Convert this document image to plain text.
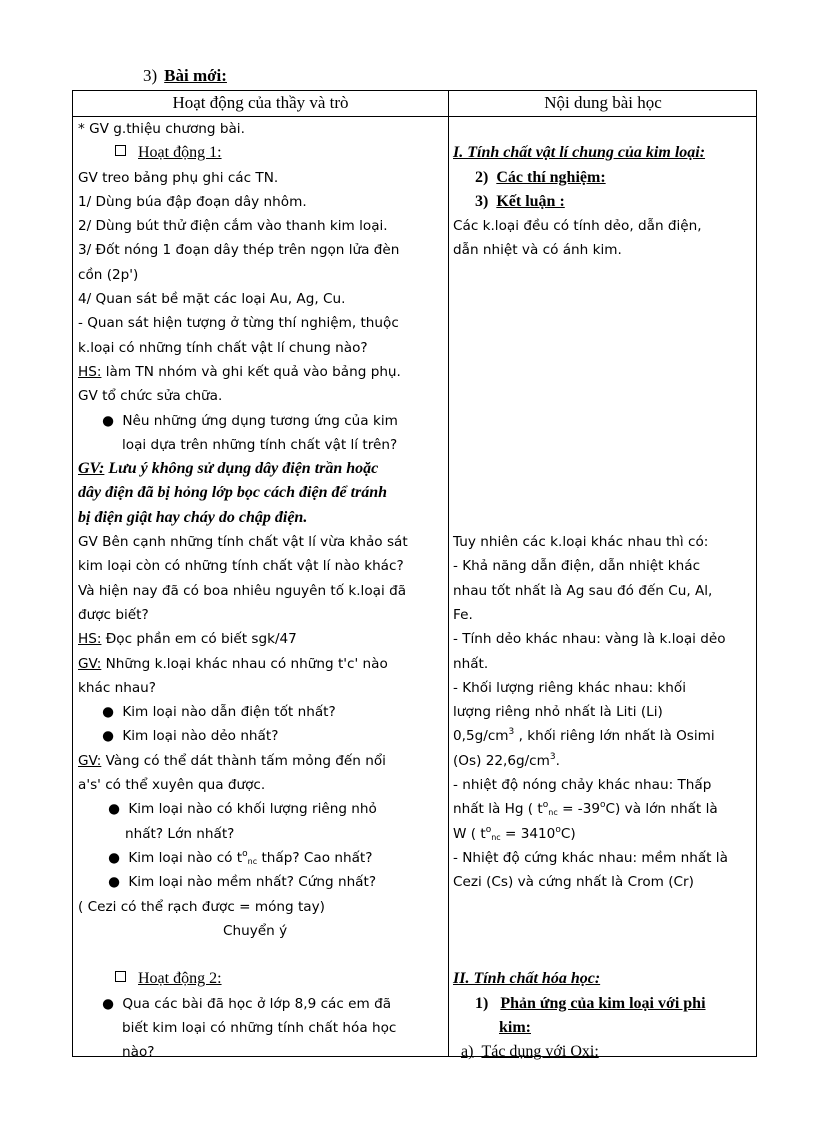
3) Bài mới:
Hoạt động của thầy và trò	Nội dung bài học
* GV g.thiệu chương bài.
Hoạt động 1:
GV treo bảng phụ ghi các TN.
1/ Dùng búa đập đoạn dây nhôm.
2/ Dùng bút thử điện cắm vào thanh kim loại.
3/ Đốt nóng 1 đoạn dây thép trên ngọn lửa đèn
cồn (2p')
4/ Quan sát bề mặt các loại Au, Ag, Cu.
- Quan sát hiện tượng ở từng thí nghiệm, thuộc
k.loại có những tính chất vật lí chung nào?
HS: làm TN nhóm và ghi kết quả vào bảng phụ.
GV tổ chức sửa chữa.
● Nêu những ứng dụng tương ứng của kim
loại dựa trên những tính chất vật lí trên?
GV: Lưu ý không sử dụng dây điện trần hoặc
dây điện đã bị hỏng lớp bọc cách điện để tránh
bị điện giật hay cháy do chập điện.
GV Bên cạnh những tính chất vật lí vừa khảo sát
kim loại còn có những tính chất vật lí nào khác?
Và hiện nay đã có boa nhiêu nguyên tố k.loại đã
được biết?
HS: Đọc phần em có biết sgk/47
GV: Những k.loại khác nhau có những t'c' nào
khác nhau?
● Kim loại nào dẫn điện tốt nhất?
● Kim loại nào dẻo nhất?
GV: Vàng có thể dát thành tấm mỏng đến nổi
a's' có thể xuyên qua được.
● Kim loại nào có khối lượng riêng nhỏ
nhất? Lớn nhất?
● Kim loại nào có $t^o_{nc}$ thấp? Cao nhất?
● Kim loại nào mềm nhất? Cứng nhất?
( Cezi có thể rạch được = móng tay)
Chuyển ý
Hoạt động 2:
● Qua các bài đã học ở lớp 8,9 các em đã
biết kim loại có những tính chất hóa học
nào?
I. Tính chất vật lí chung của kim loại:
2) Các thí nghiệm:
3) Kết luận :
Các k.loại đều có tính dẻo, dẫn điện,
dẫn nhiệt và có ánh kim.
Tuy nhiên các k.loại khác nhau thì có:
- Khả năng dẫn điện, dẫn nhiệt khác
nhau tốt nhất là Ag sau đó đến Cu, Al,
Fe.
- Tính dẻo khác nhau: vàng là k.loại dẻo
nhất.
- Khối lượng riêng khác nhau: khối
lượng riêng nhỏ nhất là Liti (Li)
$0,5g/cm^3$ , khối riêng lớn nhất là Osimi
(Os) $22,6g/cm^3$.
- nhiệt độ nóng chảy khác nhau: Thấp
nhất là Hg ( $t^o_{nc} = -39^oC$) và lớn nhất là
W ( $t^o_{nc} = 3410^oC$)
- Nhiệt độ cứng khác nhau: mềm nhất là
Cezi (Cs) và cứng nhất là Crom (Cr)
II. Tính chất hóa học:
1) Phản ứng của kim loại với phi
kim:
a) Tác dụng với Oxi:
